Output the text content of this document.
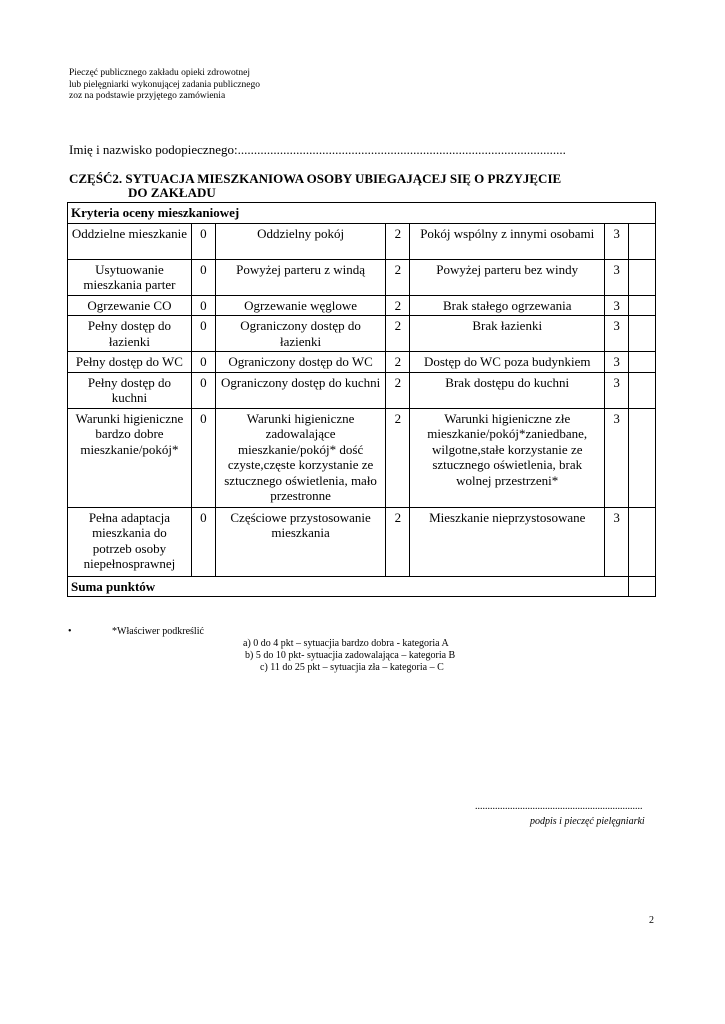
Pieczęć publicznego zakładu opieki zdrowotnej
lub pielęgniarki wykonującej zadania publicznego
zoz na podstawie przyjętego zamówienia
Imię i nazwisko podopiecznego:.....................................................................................................
CZĘŚĆ2. SYTUACJA MIESZKANIOWA OSOBY UBIEGAJĄCEJ SIĘ O PRZYJĘCIE
DO ZAKŁADU
Kryteria oceny mieszkaniowej						
Oddzielne mieszkanie	0	Oddzielny pokój	2	Pokój wspólny z innymi osobami	3	
Usytuowanie mieszkania parter	0	Powyżej parteru z windą	2	Powyżej parteru bez windy	3	
Ogrzewanie CO	0	Ogrzewanie węglowe	2	Brak stałego ogrzewania	3	
Pełny dostęp do łazienki	0	Ograniczony dostęp do łazienki	2	Brak łazienki	3	
Pełny dostęp do WC	0	Ograniczony dostęp do WC	2	Dostęp do WC poza budynkiem	3	
Pełny dostęp do kuchni	0	Ograniczony dostęp do kuchni	2	Brak dostępu do kuchni	3	
Warunki higieniczne bardzo dobre mieszkanie/pokój*	0	Warunki higieniczne zadowalające mieszkanie/pokój* dość czyste,częste korzystanie ze sztucznego oświetlenia, mało przestronne	2	Warunki higieniczne złe mieszkanie/pokój*zaniedbane, wilgotne,stałe korzystanie ze sztucznego oświetlenia, brak wolnej przestrzeni*	3	
Pełna adaptacja mieszkania do potrzeb osoby niepełnosprawnej	0	Częściowe przystosowanie mieszkania	2	Mieszkanie nieprzystosowane	3	
Suma punktów						
•	*Właściwer podkreślić
a) 0 do 4 pkt – sytuacjia bardzo dobra - kategoria A
b) 5 do 10 pkt- sytuacjia zadowalająca – kategoria B
c) 11 do 25 pkt – sytuacjia zła – kategoria – C
...................................................................
podpis i pieczęć pielęgniarki
2
